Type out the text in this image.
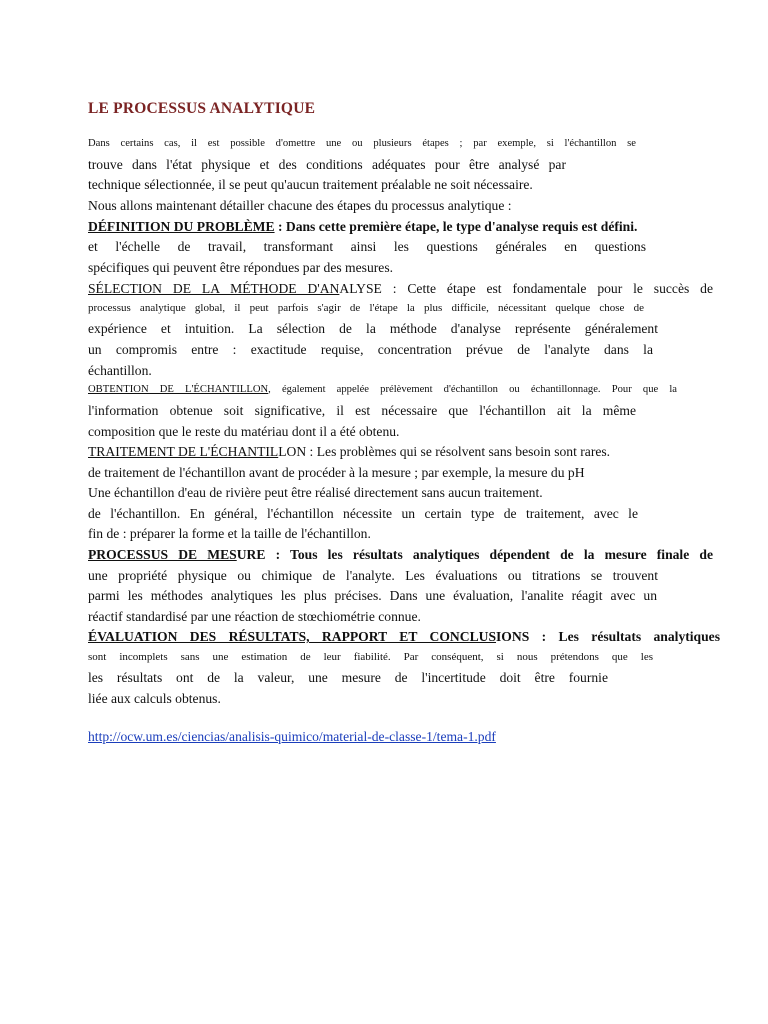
LE PROCESSUS ANALYTIQUE
Dans certains cas, il est possible d'omettre une ou plusieurs étapes ; par exemple, si l'échantillon se
trouve dans l'état physique et des conditions adéquates pour être analysé par
technique sélectionnée, il se peut qu'aucun traitement préalable ne soit nécessaire.
Nous allons maintenant détailler chacune des étapes du processus analytique :
DÉFINITION DU PROBLÈME : Dans cette première étape, le type d'analyse requis est défini.
et l'échelle de travail, transformant ainsi les questions générales en questions
spécifiques qui peuvent être répondues par des mesures.
SÉLECTION DE LA MÉTHODE D'ANALYSE : Cette étape est fondamentale pour le succès de
processus analytique global, il peut parfois s'agir de l'étape la plus difficile, nécessitant quelque chose de
expérience et intuition. La sélection de la méthode d'analyse représente généralement
un compromis entre : exactitude requise, concentration prévue de l'analyte dans la
échantillon.
OBTENTION DE L'ÉCHANTILLON, également appelée prélèvement d'échantillon ou échantillonnage. Pour que la
l'information obtenue soit significative, il est nécessaire que l'échantillon ait la même
composition que le reste du matériau dont il a été obtenu.
TRAITEMENT DE L'ÉCHANTILLON : Les problèmes qui se résolvent sans besoin sont rares.
de traitement de l'échantillon avant de procéder à la mesure ; par exemple, la mesure du pH
Une échantillon d'eau de rivière peut être réalisé directement sans aucun traitement.
de l'échantillon. En général, l'échantillon nécessite un certain type de traitement, avec le
fin de : préparer la forme et la taille de l'échantillon.
PROCESSUS DE MESURE : Tous les résultats analytiques dépendent de la mesure finale de
une propriété physique ou chimique de l'analyte. Les évaluations ou titrations se trouvent
parmi les méthodes analytiques les plus précises. Dans une évaluation, l'analite réagit avec un
réactif standardisé par une réaction de stœchiométrie connue.
ÉVALUATION DES RÉSULTATS, RAPPORT ET CONCLUSIONS : Les résultats analytiques
sont incomplets sans une estimation de leur fiabilité. Par conséquent, si nous prétendons que les
les résultats ont de la valeur, une mesure de l'incertitude doit être fournie
liée aux calculs obtenus.
http://ocw.um.es/ciencias/analisis-quimico/material-de-classe-1/tema-1.pdf
